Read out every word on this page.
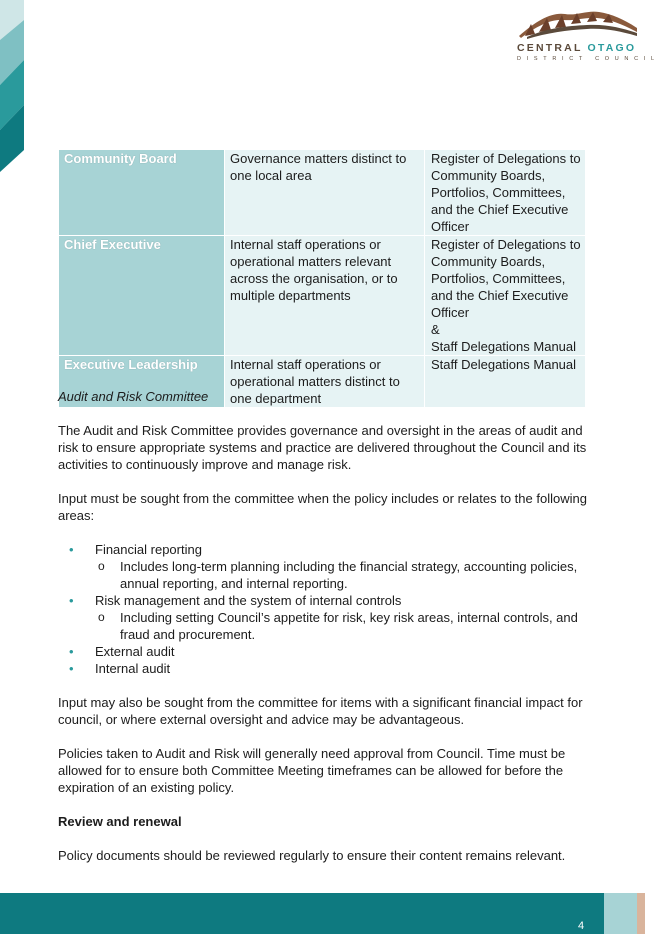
CENTRAL OTAGO
DISTRICT COUNCIL
Community Board	Governance matters distinct to one local area	Register of Delegations to Community Boards, Portfolios, Committees, and the Chief Executive Officer
Chief Executive	Internal staff operations or operational matters relevant across the organisation, or to multiple departments	Register of Delegations to Community Boards, Portfolios, Committees, and the Chief Executive Officer
&
Staff Delegations Manual
Executive Leadership	Internal staff operations or operational matters distinct to one department	Staff Delegations Manual

Audit and Risk Committee

The Audit and Risk Committee provides governance and oversight in the areas of audit and risk to ensure appropriate systems and practice are delivered throughout the Council and its activities to continuously improve and manage risk.

Input must be sought from the committee when the policy includes or relates to the following areas:

• Financial reporting
o Includes long-term planning including the financial strategy, accounting policies, annual reporting, and internal reporting.
• Risk management and the system of internal controls
o Including setting Council’s appetite for risk, key risk areas, internal controls, and fraud and procurement.
• External audit
• Internal audit

Input may also be sought from the committee for items with a significant financial impact for council, or where external oversight and advice may be advantageous.

Policies taken to Audit and Risk will generally need approval from Council. Time must be allowed for to ensure both Committee Meeting timeframes can be allowed for before the expiration of an existing policy.

Review and renewal

Policy documents should be reviewed regularly to ensure their content remains relevant.

4
